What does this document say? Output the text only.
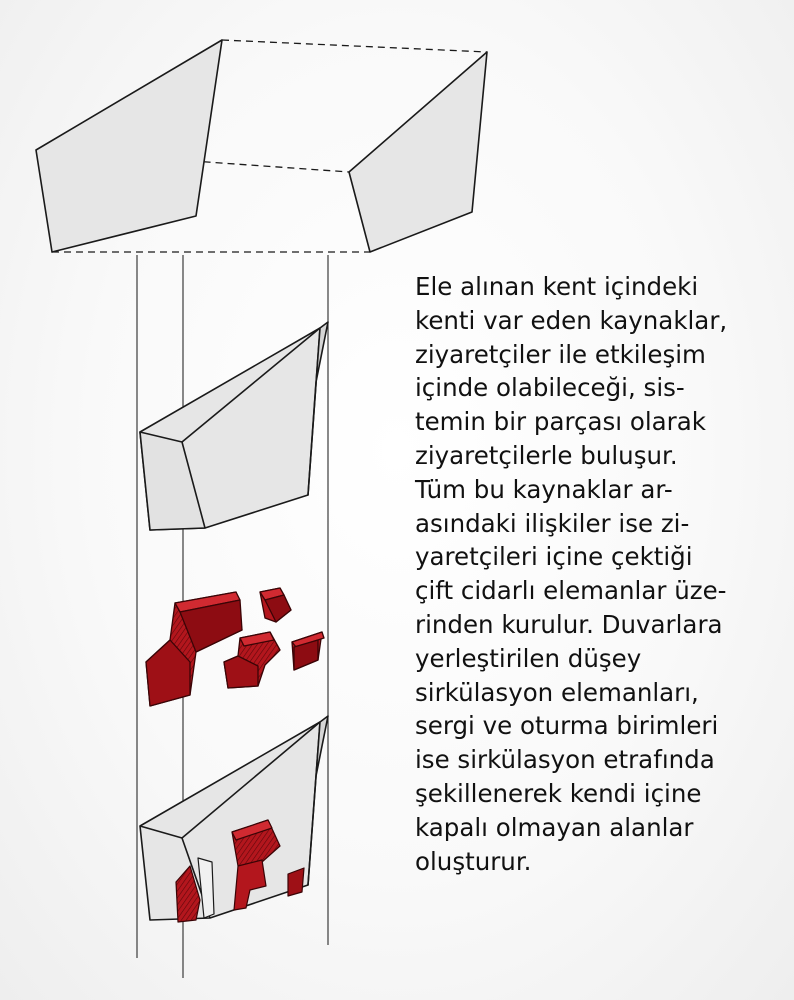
Ele alınan kent içindeki
kenti var eden kaynaklar,
ziyaretçiler ile etkileşim
içinde olabileceği, sis-
temin bir parçası olarak
ziyaretçilerle buluşur.
Tüm bu kaynaklar ar-
asındaki ilişkiler ise zi-
yaretçileri içine çektiği
çift cidarlı elemanlar üze-
rinden kurulur. Duvarlara
yerleştirilen düşey
sirkülasyon elemanları,
sergi ve oturma birimleri
ise sirkülasyon etrafında
şekillenerek kendi içine
kapalı olmayan alanlar
oluşturur.
